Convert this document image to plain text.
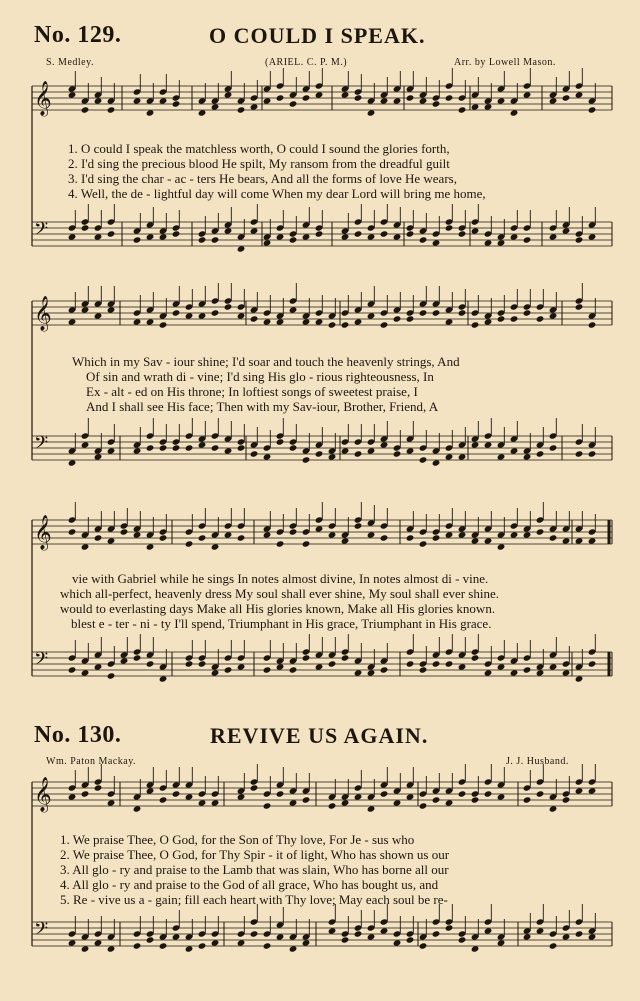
No. 129.	O COULD I SPEAK.
S. Medley.	(ARIEL. C. P. M.)	Arr. by Lowell Mason.
𝄞
𝄢
𝄞
𝄢
𝄞
𝄢
𝄞
𝄢
1. O could I speak the matchless worth, O could I sound the glories forth,
2. I'd sing the precious blood He spilt, My ransom from the dreadful guilt
3. I'd sing the char - ac - ters He bears, And all the forms of love He wears,
4. Well, the de - lightful day will come When my dear Lord will bring me home,
Which in my Sav - iour shine; I'd soar and touch the heavenly strings, And
Of sin and wrath di - vine; I'd sing His glo - rious righteousness, In
Ex - alt - ed on His throne; In loftiest songs of sweetest praise, I
And I shall see His face; Then with my Sav-iour, Brother, Friend, A
vie with Gabriel while he sings In notes almost divine, In notes almost di - vine.
which all-perfect, heavenly dress My soul shall ever shine, My soul shall ever shine.
would to everlasting days Make all His glories known, Make all His glories known.
blest e - ter - ni - ty I'll spend, Triumphant in His grace, Triumphant in His grace.
No. 130.	REVIVE US AGAIN.
Wm. Paton Mackay.	J. J. Husband.
1. We praise Thee, O God, for the Son of Thy love, For Je - sus who
2. We praise Thee, O God, for Thy Spir - it of light, Who has shown us our
3. All glo - ry and praise to the Lamb that was slain, Who has borne all our
4. All glo - ry and praise to the God of all grace, Who has bought us, and
5. Re - vive us a - gain; fill each heart with Thy love; May each soul be re-
